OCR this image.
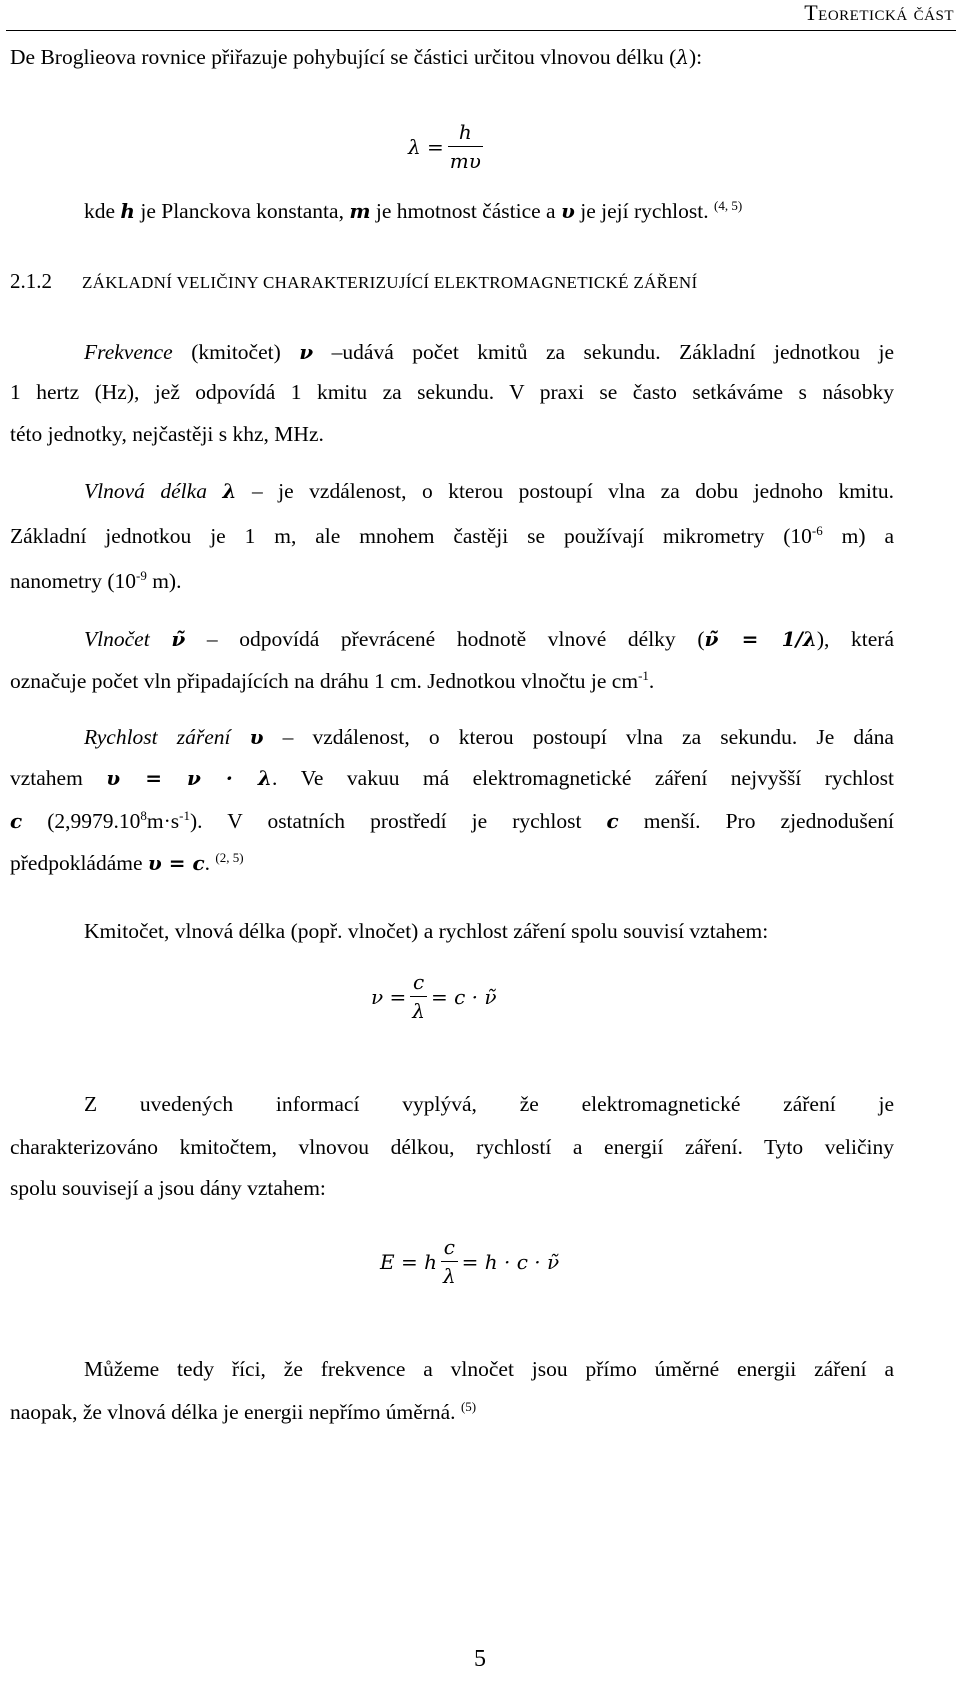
Teoretická část
De Broglieova rovnice přiřazuje pohybující se částici určitou vlnovou délku (λ):
$\lambda = \frac{h}{m\upsilon}$
kde h je Planckova konstanta, m je hmotnost částice a υ je její rychlost. $^{(4, 5)}$
2.1.2 ZÁKLADNÍ VELIČINY CHARAKTERIZUJÍCÍ ELEKTROMAGNETICKÉ ZÁŘENÍ
Frekvence (kmitočet) ν –udává počet kmitů za sekundu. Základní jednotkou je
1 hertz (Hz), jež odpovídá 1 kmitu za sekundu. V praxi se často setkáváme s násobky
této jednotky, nejčastěji s khz, MHz.
Vlnová délka λ – je vzdálenost, o kterou postoupí vlna za dobu jednoho kmitu.
Základní jednotkou je 1 m, ale mnohem častěji se používají mikrometry ($10^{-6}$ m) a
nanometry ($10^{-9}$ m).
Vlnočet ν̃ – odpovídá převrácené hodnotě vlnové délky (ν̃ = 1/λ), která
označuje počet vln připadajících na dráhu 1 cm. Jednotkou vlnočtu je $cm^{-1}$.
Rychlost záření υ – vzdálenost, o kterou postoupí vlna za sekundu. Je dána
vztahem υ = ν · λ. Ve vakuu má elektromagnetické záření nejvyšší rychlost
c $(2,9979.10^8m\cdot s^{-1})$. V ostatních prostředí je rychlost c menší. Pro zjednodušení
předpokládáme υ = c. $^{(2, 5)}$
Kmitočet, vlnová délka (popř. vlnočet) a rychlost záření spolu souvisí vztahem:
$\nu = \frac{c}{\lambda} = c$ · ν̃
Z uvedených informací vyplývá, že elektromagnetické záření je
charakterizováno kmitočtem, vlnovou délkou, rychlostí a energií záření. Tyto veličiny
spolu souvisejí a jsou dány vztahem:
E = h $\frac{c}{\lambda} = h \cdot c$ · ν̃
Můžeme tedy říci, že frekvence a vlnočet jsou přímo úměrné energii záření a
naopak, že vlnová délka je energii nepřímo úměrná. $^{(5)}$
5
